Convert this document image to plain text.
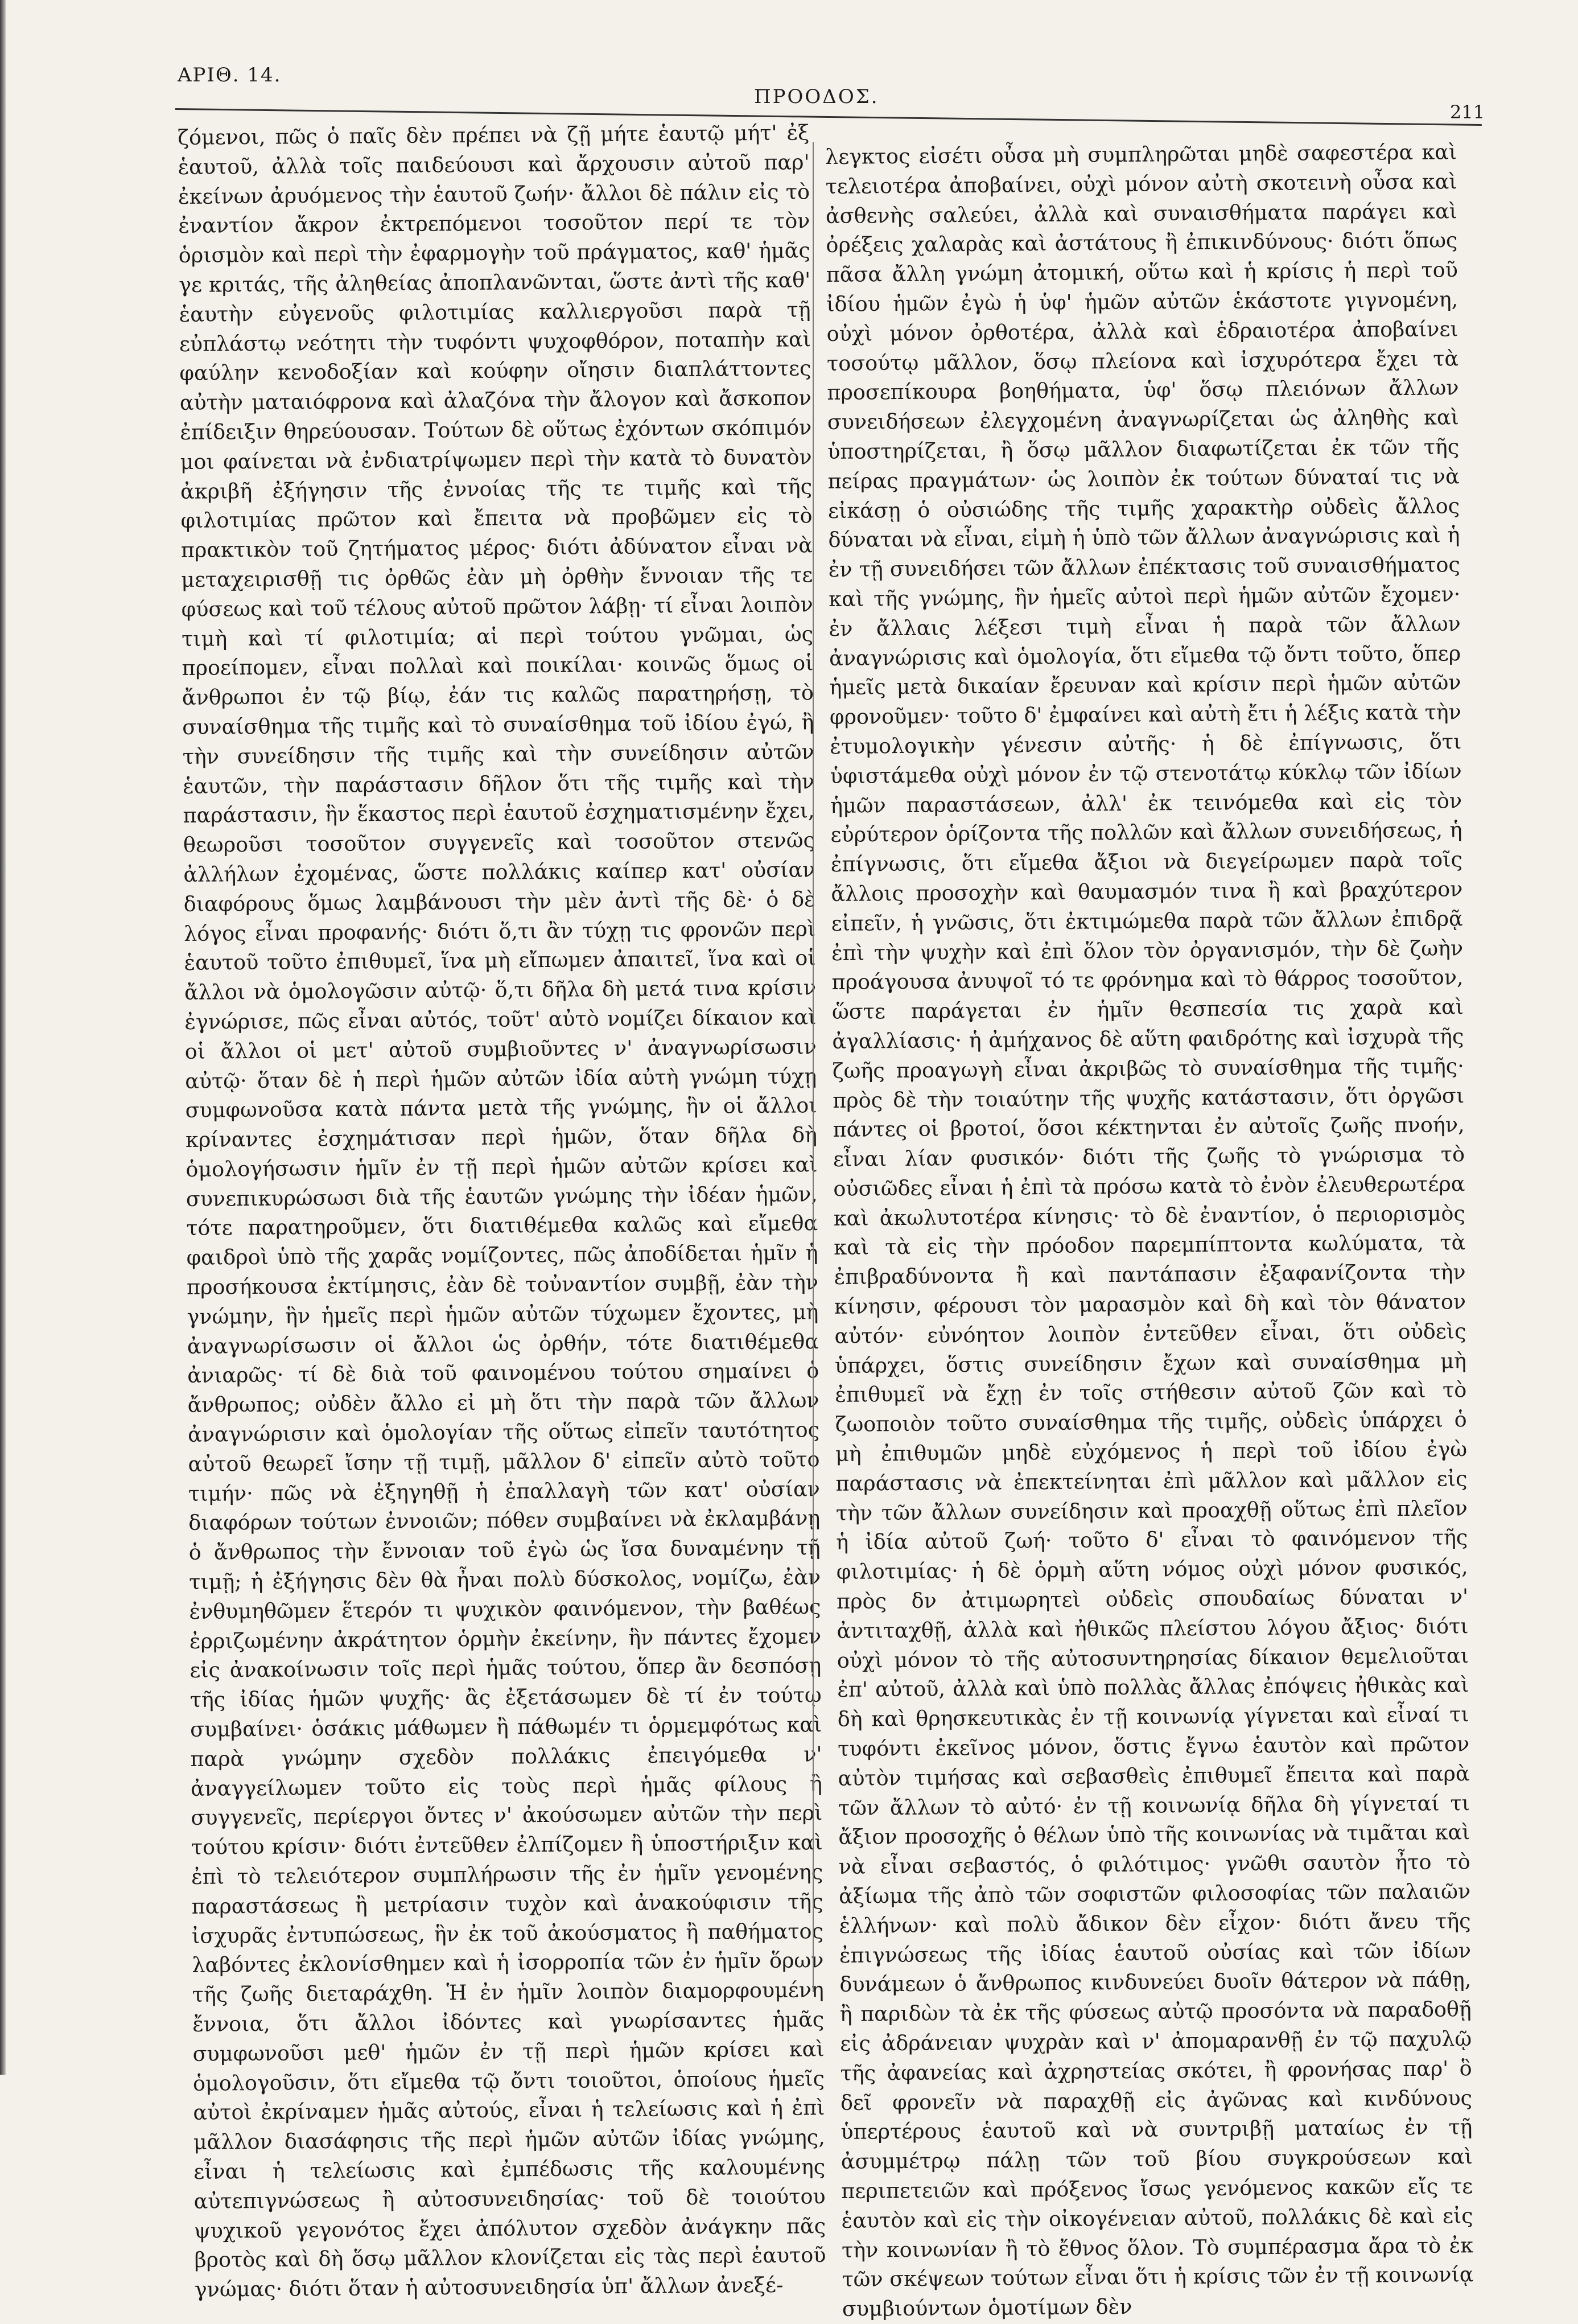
ΑΡΙΘ. 14.
ΠΡΟΟΔΟΣ.
211

ζόμενοι, πῶς ὁ παῖς δὲν πρέπει νὰ ζῇ μήτε ἑαυτῷ μήτ' ἐξ ἑαυτοῦ, ἀλλὰ τοῖς παιδεύουσι καὶ ἄρχουσιν αὐτοῦ παρ' ἐκείνων ἀρυόμενος τὴν ἑαυτοῦ ζωήν· ἄλλοι δὲ πάλιν εἰς τὸ ἐναντίον ἄκρον ἐκτρεπόμενοι τοσοῦτον περί τε τὸν ὁρισμὸν καὶ περὶ τὴν ἐφαρμογὴν τοῦ πράγματος, καθ' ἡμᾶς γε κριτάς, τῆς ἀληθείας ἀποπλανῶνται, ὥστε ἀντὶ τῆς καθ' ἑαυτὴν εὐγενοῦς φιλοτιμίας καλλιεργοῦσι παρὰ τῇ εὐπλάστῳ νεότητι τὴν τυφόντι ψυχοφθόρον, ποταπὴν καὶ φαύλην κενοδοξίαν καὶ κούφην οἴησιν διαπλάττοντες αὐτὴν ματαιόφρονα καὶ ἀλαζόνα τὴν ἄλογον καὶ ἄσκοπον ἐπίδειξιν θηρεύουσαν. Τούτων δὲ οὕτως ἐχόντων σκόπιμόν μοι φαίνεται νὰ ἐνδιατρίψωμεν περὶ τὴν κατὰ τὸ δυνατὸν ἀκριβῆ ἐξήγησιν τῆς ἐννοίας τῆς τε τιμῆς καὶ τῆς φιλοτιμίας πρῶτον καὶ ἔπειτα νὰ προβῶμεν εἰς τὸ πρακτικὸν τοῦ ζητήματος μέρος· διότι ἀδύνατον εἶναι νὰ μεταχειρισθῇ τις ὀρθῶς ἐὰν μὴ ὀρθὴν ἔννοιαν τῆς τε φύσεως καὶ τοῦ τέλους αὐτοῦ πρῶτον λάβῃ· τί εἶναι λοιπὸν τιμὴ καὶ τί φιλοτιμία; αἱ περὶ τούτου γνῶμαι, ὡς προείπομεν, εἶναι πολλαὶ καὶ ποικίλαι· κοινῶς ὅμως οἱ ἄνθρωποι ἐν τῷ βίῳ, ἐάν τις καλῶς παρατηρήσῃ, τὸ συναίσθημα τῆς τιμῆς καὶ τὸ συναίσθημα τοῦ ἰδίου ἐγώ, ἢ τὴν συνείδησιν τῆς τιμῆς καὶ τὴν συνείδησιν αὐτῶν ἑαυτῶν, τὴν παράστασιν δῆλον ὅτι τῆς τιμῆς καὶ τὴν παράστασιν, ἣν ἕκαστος περὶ ἑαυτοῦ ἐσχηματισμένην ἔχει, θεωροῦσι τοσοῦτον συγγενεῖς καὶ τοσοῦτον στενῶς ἀλλήλων ἐχομένας, ὥστε πολλάκις καίπερ κατ' οὐσίαν διαφόρους ὅμως λαμβάνουσι τὴν μὲν ἀντὶ τῆς δὲ· ὁ δὲ λόγος εἶναι προφανής· διότι ὅ,τι ἂν τύχῃ τις φρονῶν περὶ ἑαυτοῦ τοῦτο ἐπιθυμεῖ, ἵνα μὴ εἴπωμεν ἀπαιτεῖ, ἵνα καὶ οἱ ἄλλοι νὰ ὁμολογῶσιν αὐτῷ· ὅ,τι δῆλα δὴ μετά τινα κρίσιν ἐγνώρισε, πῶς εἶναι αὐτός, τοῦτ' αὐτὸ νομίζει δίκαιον καὶ οἱ ἄλλοι οἱ μετ' αὐτοῦ συμβιοῦντες ν' ἀναγνωρίσωσιν αὐτῷ· ὅταν δὲ ἡ περὶ ἡμῶν αὐτῶν ἰδία αὐτὴ γνώμη τύχῃ συμφωνοῦσα κατὰ πάντα μετὰ τῆς γνώμης, ἣν οἱ ἄλλοι κρίναντες ἐσχημάτισαν περὶ ἡμῶν, ὅταν δῆλα δὴ ὁμολογήσωσιν ἡμῖν ἐν τῇ περὶ ἡμῶν αὐτῶν κρίσει καὶ συνεπικυρώσωσι διὰ τῆς ἑαυτῶν γνώμης τὴν ἰδέαν ἡμῶν, τότε παρατηροῦμεν, ὅτι διατιθέμεθα καλῶς καὶ εἴμεθα φαιδροὶ ὑπὸ τῆς χαρᾶς νομίζοντες, πῶς ἀποδίδεται ἡμῖν ἡ προσήκουσα ἐκτίμησις, ἐὰν δὲ τοὐναντίον συμβῇ, ἐὰν τὴν γνώμην, ἣν ἡμεῖς περὶ ἡμῶν αὐτῶν τύχωμεν ἔχοντες, μὴ ἀναγνωρίσωσιν οἱ ἄλλοι ὡς ὀρθήν, τότε διατιθέμεθα ἀνιαρῶς· τί δὲ διὰ τοῦ φαινομένου τούτου σημαίνει ὁ ἄνθρωπος; οὐδὲν ἄλλο εἰ μὴ ὅτι τὴν παρὰ τῶν ἄλλων ἀναγνώρισιν καὶ ὁμολογίαν τῆς οὕτως εἰπεῖν ταυτότητος αὐτοῦ θεωρεῖ ἴσην τῇ τιμῇ, μᾶλλον δ' εἰπεῖν αὐτὸ τοῦτο τιμήν· πῶς νὰ ἐξηγηθῇ ἡ ἐπαλλαγὴ τῶν κατ' οὐσίαν διαφόρων τούτων ἐννοιῶν; πόθεν συμβαίνει νὰ ἐκλαμβάνῃ ὁ ἄνθρωπος τὴν ἔννοιαν τοῦ ἐγὼ ὡς ἴσα δυναμένην τῇ τιμῇ; ἡ ἐξήγησις δὲν θὰ ἦναι πολὺ δύσκολος, νομίζω, ἐὰν ἐνθυμηθῶμεν ἕτερόν τι ψυχικὸν φαινόμενον, τὴν βαθέως ἐρριζωμένην ἀκράτητον ὁρμὴν ἐκείνην, ἣν πάντες ἔχομεν εἰς ἀνακοίνωσιν τοῖς περὶ ἡμᾶς τούτου, ὅπερ ἂν δεσπόσῃ τῆς ἰδίας ἡμῶν ψυχῆς· ἂς ἐξετάσωμεν δὲ τί ἐν τούτῳ συμβαίνει· ὁσάκις μάθωμεν ἢ πάθωμέν τι ὁρμεμφότως καὶ παρὰ γνώμην σχεδὸν πολλάκις ἐπειγόμεθα ν' ἀναγγείλωμεν τοῦτο εἰς τοὺς περὶ ἡμᾶς φίλους ἢ συγγενεῖς, περίεργοι ὄντες ν' ἀκούσωμεν αὐτῶν τὴν περὶ τούτου κρίσιν· διότι ἐντεῦθεν ἐλπίζομεν ἢ ὑποστήριξιν καὶ ἐπὶ τὸ τελειότερον συμπλήρωσιν τῆς ἐν ἡμῖν γενομένης παραστάσεως ἢ μετρίασιν τυχὸν καὶ ἀνακούφισιν τῆς ἰσχυρᾶς ἐντυπώσεως, ἣν ἐκ τοῦ ἀκούσματος ἢ παθήματος λαβόντες ἐκλονίσθημεν καὶ ἡ ἰσορροπία τῶν ἐν ἡμῖν ὅρων τῆς ζωῆς διεταράχθη. Ἡ ἐν ἡμῖν λοιπὸν διαμορφουμένη ἔννοια, ὅτι ἄλλοι ἰδόντες καὶ γνωρίσαντες ἡμᾶς συμφωνοῦσι μεθ' ἡμῶν ἐν τῇ περὶ ἡμῶν κρίσει καὶ ὁμολογοῦσιν, ὅτι εἴμεθα τῷ ὄντι τοιοῦτοι, ὁποίους ἡμεῖς αὐτοὶ ἐκρίναμεν ἡμᾶς αὐτούς, εἶναι ἡ τελείωσις καὶ ἡ ἐπὶ μᾶλλον διασάφησις τῆς περὶ ἡμῶν αὐτῶν ἰδίας γνώμης, εἶναι ἡ τελείωσις καὶ ἐμπέδωσις τῆς καλουμένης αὐτεπιγνώσεως ἢ αὐτοσυνειδησίας· τοῦ δὲ τοιούτου ψυχικοῦ γεγονότος ἔχει ἀπόλυτον σχεδὸν ἀνάγκην πᾶς βροτὸς καὶ δὴ ὅσῳ μᾶλλον κλονίζεται εἰς τὰς περὶ ἑαυτοῦ γνώμας· διότι ὅταν ἡ αὐτοσυνειδησία ὑπ' ἄλλων ἀνεξέ-

λεγκτος εἰσέτι οὖσα μὴ συμπληρῶται μηδὲ σαφεστέρα καὶ τελειοτέρα ἀποβαίνει, οὐχὶ μόνον αὐτὴ σκοτεινὴ οὖσα καὶ ἀσθενὴς σαλεύει, ἀλλὰ καὶ συναισθήματα παράγει καὶ ὀρέξεις χαλαρὰς καὶ ἀστάτους ἢ ἐπικινδύνους· διότι ὅπως πᾶσα ἄλλη γνώμη ἀτομική, οὕτω καὶ ἡ κρίσις ἡ περὶ τοῦ ἰδίου ἡμῶν ἐγὼ ἡ ὑφ' ἡμῶν αὐτῶν ἑκάστοτε γιγνομένη, οὐχὶ μόνον ὀρθοτέρα, ἀλλὰ καὶ ἑδραιοτέρα ἀποβαίνει τοσούτῳ μᾶλλον, ὅσῳ πλείονα καὶ ἰσχυρότερα ἔχει τὰ προσεπίκουρα βοηθήματα, ὑφ' ὅσῳ πλειόνων ἄλλων συνειδήσεων ἐλεγχομένη ἀναγνωρίζεται ὡς ἀληθὴς καὶ ὑποστηρίζεται, ἢ ὅσῳ μᾶλλον διαφωτίζεται ἐκ τῶν τῆς πείρας πραγμάτων· ὡς λοιπὸν ἐκ τούτων δύναταί τις νὰ εἰκάσῃ ὁ οὐσιώδης τῆς τιμῆς χαρακτὴρ οὐδεὶς ἄλλος δύναται νὰ εἶναι, εἰμὴ ἡ ὑπὸ τῶν ἄλλων ἀναγνώρισις καὶ ἡ ἐν τῇ συνειδήσει τῶν ἄλλων ἐπέκτασις τοῦ συναισθήματος καὶ τῆς γνώμης, ἣν ἡμεῖς αὐτοὶ περὶ ἡμῶν αὐτῶν ἔχομεν· ἐν ἄλλαις λέξεσι τιμὴ εἶναι ἡ παρὰ τῶν ἄλλων ἀναγνώρισις καὶ ὁμολογία, ὅτι εἴμεθα τῷ ὄντι τοῦτο, ὅπερ ἡμεῖς μετὰ δικαίαν ἔρευναν καὶ κρίσιν περὶ ἡμῶν αὐτῶν φρονοῦμεν· τοῦτο δ' ἐμφαίνει καὶ αὐτὴ ἔτι ἡ λέξις κατὰ τὴν ἐτυμολογικὴν γένεσιν αὐτῆς· ἡ δὲ ἐπίγνωσις, ὅτι ὑφιστάμεθα οὐχὶ μόνον ἐν τῷ στενοτάτῳ κύκλῳ τῶν ἰδίων ἡμῶν παραστάσεων, ἀλλ' ἐκ τεινόμεθα καὶ εἰς τὸν εὐρύτερον ὁρίζοντα τῆς πολλῶν καὶ ἄλλων συνειδήσεως, ἡ ἐπίγνωσις, ὅτι εἴμεθα ἄξιοι νὰ διεγείρωμεν παρὰ τοῖς ἄλλοις προσοχὴν καὶ θαυμασμόν τινα ἢ καὶ βραχύτερον εἰπεῖν, ἡ γνῶσις, ὅτι ἐκτιμώμεθα παρὰ τῶν ἄλλων ἐπιδρᾷ ἐπὶ τὴν ψυχὴν καὶ ἐπὶ ὅλον τὸν ὀργανισμόν, τὴν δὲ ζωὴν προάγουσα ἀνυψοῖ τό τε φρόνημα καὶ τὸ θάρρος τοσοῦτον, ὥστε παράγεται ἐν ἡμῖν θεσπεσία τις χαρὰ καὶ ἀγαλλίασις· ἡ ἀμήχανος δὲ αὕτη φαιδρότης καὶ ἰσχυρὰ τῆς ζωῆς προαγωγὴ εἶναι ἀκριβῶς τὸ συναίσθημα τῆς τιμῆς· πρὸς δὲ τὴν τοιαύτην τῆς ψυχῆς κατάστασιν, ὅτι ὀργῶσι πάντες οἱ βροτοί, ὅσοι κέκτηνται ἐν αὐτοῖς ζωῆς πνοήν, εἶναι λίαν φυσικόν· διότι τῆς ζωῆς τὸ γνώρισμα τὸ οὐσιῶδες εἶναι ἡ ἐπὶ τὰ πρόσω κατὰ τὸ ἐνὸν ἐλευθερωτέρα καὶ ἀκωλυτοτέρα κίνησις· τὸ δὲ ἐναντίον, ὁ περιορισμὸς καὶ τὰ εἰς τὴν πρόοδον παρεμπίπτοντα κωλύματα, τὰ ἐπιβραδύνοντα ἢ καὶ παντάπασιν ἐξαφανίζοντα τὴν κίνησιν, φέρουσι τὸν μαρασμὸν καὶ δὴ καὶ τὸν θάνατον αὐτόν· εὐνόητον λοιπὸν ἐντεῦθεν εἶναι, ὅτι οὐδεὶς ὑπάρχει, ὅστις συνείδησιν ἔχων καὶ συναίσθημα μὴ ἐπιθυμεῖ νὰ ἔχῃ ἐν τοῖς στήθεσιν αὐτοῦ ζῶν καὶ τὸ ζωοποιὸν τοῦτο συναίσθημα τῆς τιμῆς, οὐδεὶς ὑπάρχει ὁ μὴ ἐπιθυμῶν μηδὲ εὐχόμενος ἡ περὶ τοῦ ἰδίου ἐγὼ παράστασις νὰ ἐπεκτείνηται ἐπὶ μᾶλλον καὶ μᾶλλον εἰς τὴν τῶν ἄλλων συνείδησιν καὶ προαχθῇ οὕτως ἐπὶ πλεῖον ἡ ἰδία αὐτοῦ ζωή· τοῦτο δ' εἶναι τὸ φαινόμενον τῆς φιλοτιμίας· ἡ δὲ ὁρμὴ αὕτη νόμος οὐχὶ μόνον φυσικός, πρὸς δν ἀτιμωρητεὶ οὐδεὶς σπουδαίως δύναται ν' ἀντιταχθῇ, ἀλλὰ καὶ ἠθικῶς πλείστου λόγου ἄξιος· διότι οὐχὶ μόνον τὸ τῆς αὐτοσυντηρησίας δίκαιον θεμελιοῦται ἐπ' αὐτοῦ, ἀλλὰ καὶ ὑπὸ πολλὰς ἄλλας ἐπόψεις ἠθικὰς καὶ δὴ καὶ θρησκευτικὰς ἐν τῇ κοινωνίᾳ γίγνεται καὶ εἶναί τι τυφόντι ἐκεῖνος μόνον, ὅστις ἔγνω ἑαυτὸν καὶ πρῶτον αὐτὸν τιμήσας καὶ σεβασθεὶς ἐπιθυμεῖ ἔπειτα καὶ παρὰ τῶν ἄλλων τὸ αὐτό· ἐν τῇ κοινωνίᾳ δῆλα δὴ γίγνεταί τι ἄξιον προσοχῆς ὁ θέλων ὑπὸ τῆς κοινωνίας νὰ τιμᾶται καὶ νὰ εἶναι σεβαστός, ὁ φιλότιμος· γνῶθι σαυτὸν ἦτο τὸ ἀξίωμα τῆς ἀπὸ τῶν σοφιστῶν φιλοσοφίας τῶν παλαιῶν ἑλλήνων· καὶ πολὺ ἄδικον δὲν εἶχον· διότι ἄνευ τῆς ἐπιγνώσεως τῆς ἰδίας ἑαυτοῦ οὐσίας καὶ τῶν ἰδίων δυνάμεων ὁ ἄνθρωπος κινδυνεύει δυοῖν θάτερον νὰ πάθῃ, ἢ παριδὼν τὰ ἐκ τῆς φύσεως αὐτῷ προσόντα νὰ παραδοθῇ εἰς ἀδράνειαν ψυχρὰν καὶ ν' ἀπομαρανθῇ ἐν τῷ παχυλῷ τῆς ἀφανείας καὶ ἀχρηστείας σκότει, ἢ φρονήσας παρ' ὃ δεῖ φρονεῖν νὰ παραχθῇ εἰς ἀγῶνας καὶ κινδύνους ὑπερτέρους ἑαυτοῦ καὶ νὰ συντριβῇ ματαίως ἐν τῇ ἀσυμμέτρῳ πάλῃ τῶν τοῦ βίου συγκρούσεων καὶ περιπετειῶν καὶ πρόξενος ἴσως γενόμενος κακῶν εἴς τε ἑαυτὸν καὶ εἰς τὴν οἰκογένειαν αὐτοῦ, πολλάκις δὲ καὶ εἰς τὴν κοινωνίαν ἢ τὸ ἔθνος ὅλον. Τὸ συμπέρασμα ἄρα τὸ ἐκ τῶν σκέψεων τούτων εἶναι ὅτι ἡ κρίσις τῶν ἐν τῇ κοινωνίᾳ συμβιούντων ὁμοτίμων δὲν
